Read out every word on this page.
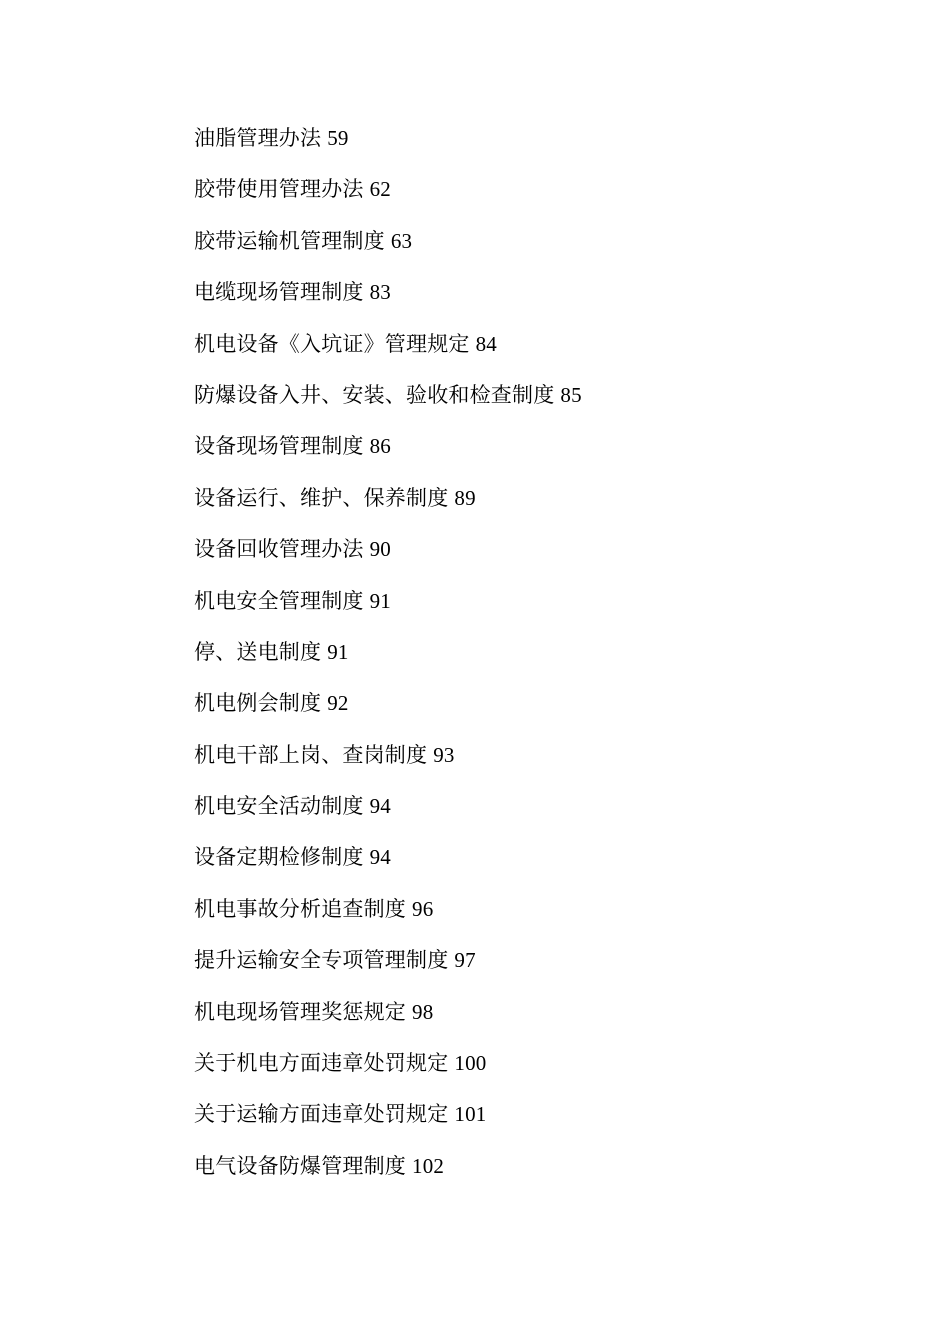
油脂管理办法 59
胶带使用管理办法 62
胶带运输机管理制度 63
电缆现场管理制度 83
机电设备《入坑证》管理规定 84
防爆设备入井、安装、验收和检查制度 85
设备现场管理制度 86
设备运行、维护、保养制度 89
设备回收管理办法 90
机电安全管理制度 91
停、送电制度 91
机电例会制度 92
机电干部上岗、查岗制度 93
机电安全活动制度 94
设备定期检修制度 94
机电事故分析追查制度 96
提升运输安全专项管理制度 97
机电现场管理奖惩规定 98
关于机电方面违章处罚规定 100
关于运输方面违章处罚规定 101
电气设备防爆管理制度 102
